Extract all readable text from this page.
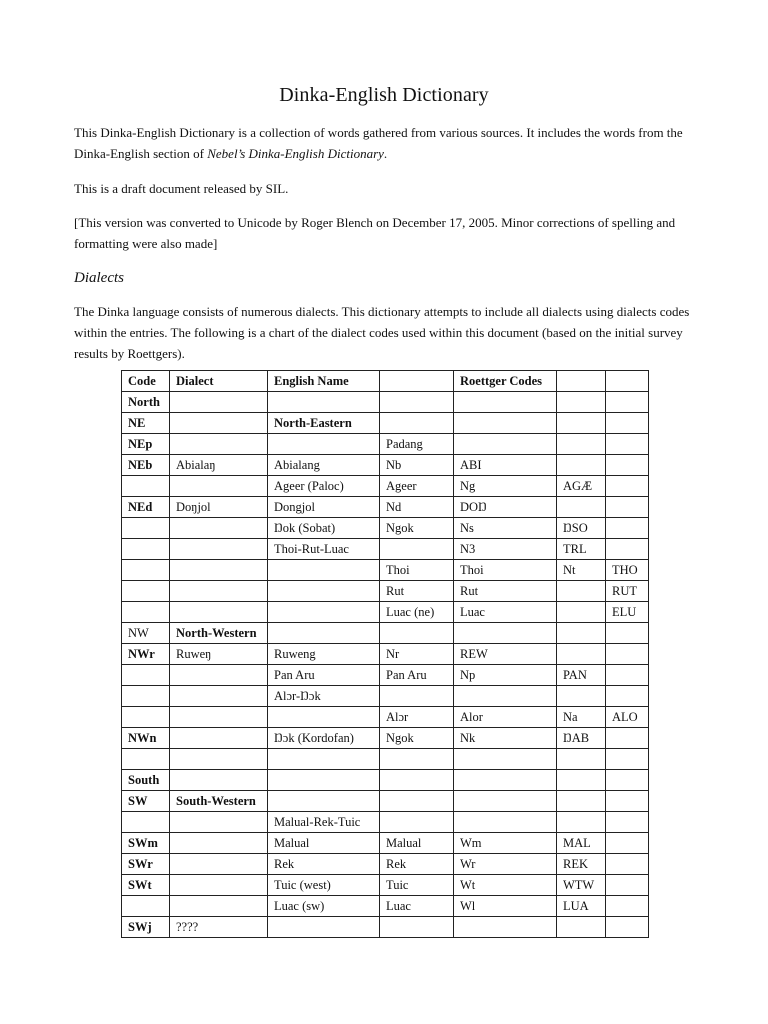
Dinka-English Dictionary

This Dinka-English Dictionary is a collection of words gathered from various sources. It includes the words from the Dinka-English section of Nebel’s Dinka-English Dictionary.

This is a draft document released by SIL.

[This version was converted to Unicode by Roger Blench on December 17, 2005. Minor corrections of spelling and formatting were also made]

Dialects

The Dinka language consists of numerous dialects. This dictionary attempts to include all dialects using dialects codes within the entries. The following is a chart of the dialect codes used within this document (based on the initial survey results by Roettgers).

Code	Dialect	English Name		Roettger Codes		
North						
NE		North-Eastern				
NEp			Padang			
NEb	Abialaŋ	Abialang	Nb	ABI		
		Ageer (Paloc)	Ageer	Ng	AGÆ	
NEd	Doŋjol	Dongjol	Nd	DOŊ		
		Ŋok (Sobat)	Ngok	Ns	ŊSO	
		Thoi-Rut-Luac		N3	TRL	
			Thoi	Thoi	Nt	THO
			Rut	Rut		RUT
			Luac (ne)	Luac		ELU
NW	North-Western					
NWr	Ruweŋ	Ruweng	Nr	REW		
		Pan Aru	Pan Aru	Np	PAN	
		Alɔr-Ŋɔk				
			Alɔr	Alor	Na	ALO
NWn		Ŋɔk (Kordofan)	Ngok	Nk	ŊAB	

South						
SW	South-Western					
		Malual-Rek-Tuic				
SWm		Malual	Malual	Wm	MAL	
SWr		Rek	Rek	Wr	REK	
SWt		Tuic (west)	Tuic	Wt	WTW	
		Luac (sw)	Luac	Wl	LUA	
SWj	????					
